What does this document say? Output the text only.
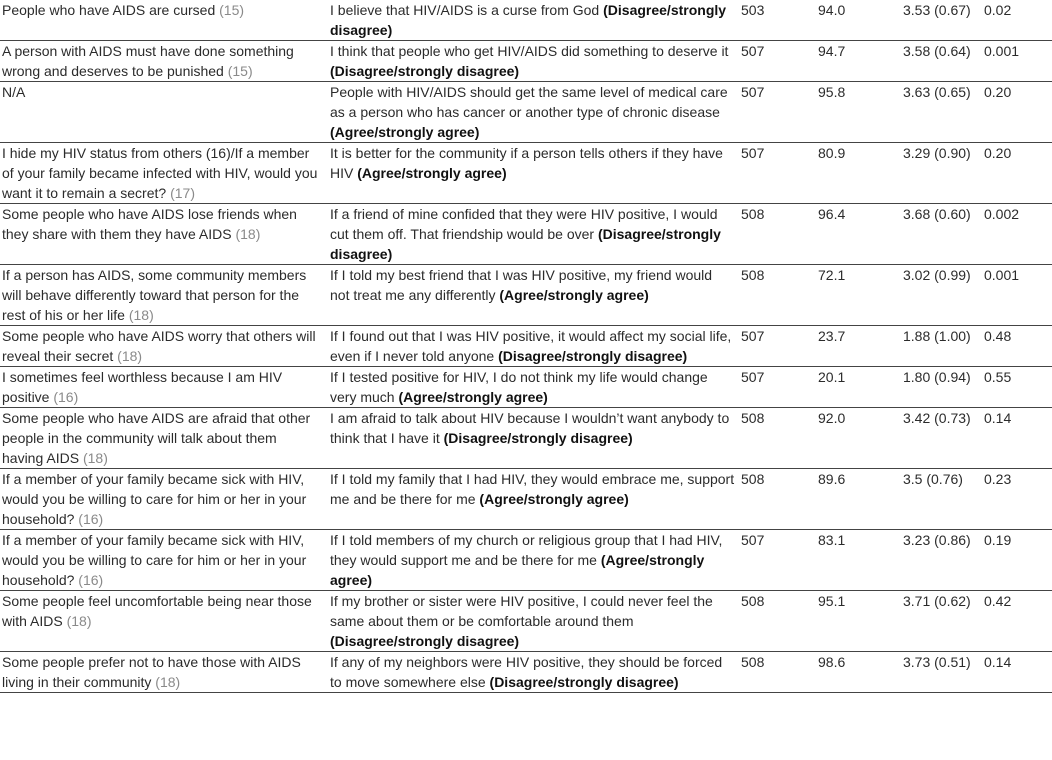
People who have AIDS are cursed (15)	I believe that HIV/AIDS is a curse from God (Disagree/strongly disagree)	503	94.0	3.53 (0.67)	0.02
A person with AIDS must have done something wrong and deserves to be punished (15)	I think that people who get HIV/AIDS did something to deserve it (Disagree/strongly disagree)	507	94.7	3.58 (0.64)	0.001
N/A	People with HIV/AIDS should get the same level of medical care as a person who has cancer or another type of chronic disease (Agree/strongly agree)	507	95.8	3.63 (0.65)	0.20
I hide my HIV status from others (16)/If a member of your family became infected with HIV, would you want it to remain a secret? (17)	It is better for the community if a person tells others if they have HIV (Agree/strongly agree)	507	80.9	3.29 (0.90)	0.20
Some people who have AIDS lose friends when they share with them they have AIDS (18)	If a friend of mine confided that they were HIV positive, I would cut them off. That friendship would be over (Disagree/strongly disagree)	508	96.4	3.68 (0.60)	0.002
If a person has AIDS, some community members will behave differently toward that person for the rest of his or her life (18)	If I told my best friend that I was HIV positive, my friend would not treat me any differently (Agree/strongly agree)	508	72.1	3.02 (0.99)	0.001
Some people who have AIDS worry that others will reveal their secret (18)	If I found out that I was HIV positive, it would affect my social life, even if I never told anyone (Disagree/strongly disagree)	507	23.7	1.88 (1.00)	0.48
I sometimes feel worthless because I am HIV positive (16)	If I tested positive for HIV, I do not think my life would change very much (Agree/strongly agree)	507	20.1	1.80 (0.94)	0.55
Some people who have AIDS are afraid that other people in the community will talk about them having AIDS (18)	I am afraid to talk about HIV because I wouldn’t want anybody to think that I have it (Disagree/strongly disagree)	508	92.0	3.42 (0.73)	0.14
If a member of your family became sick with HIV, would you be willing to care for him or her in your household? (16)	If I told my family that I had HIV, they would embrace me, support me and be there for me (Agree/strongly agree)	508	89.6	3.5 (0.76)	0.23
If a member of your family became sick with HIV, would you be willing to care for him or her in your household? (16)	If I told members of my church or religious group that I had HIV, they would support me and be there for me (Agree/strongly agree)	507	83.1	3.23 (0.86)	0.19
Some people feel uncomfortable being near those with AIDS (18)	If my brother or sister were HIV positive, I could never feel the same about them or be comfortable around them (Disagree/strongly disagree)	508	95.1	3.71 (0.62)	0.42
Some people prefer not to have those with AIDS living in their community (18)	If any of my neighbors were HIV positive, they should be forced to move somewhere else (Disagree/strongly disagree)	508	98.6	3.73 (0.51)	0.14
